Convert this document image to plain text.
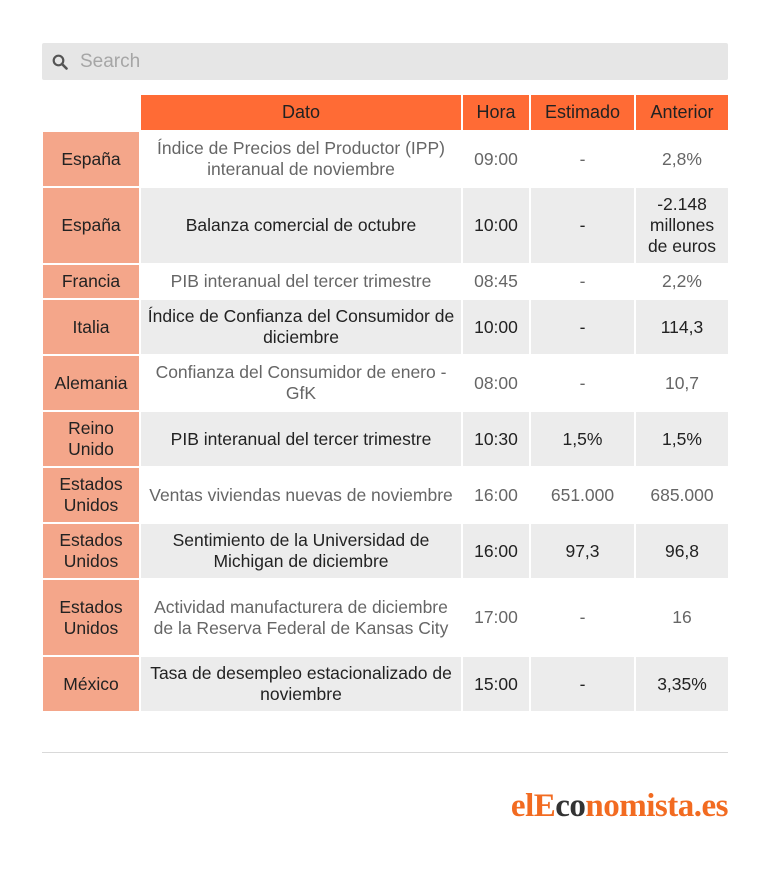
Search
	Dato	Hora	Estimado	Anterior
España	Índice de Precios del Productor (IPP) interanual de noviembre	09:00	-	2,8%
España	Balanza comercial de octubre	10:00	-	-2.148 millones de euros
Francia	PIB interanual del tercer trimestre	08:45	-	2,2%
Italia	Índice de Confianza del Consumidor de diciembre	10:00	-	114,3
Alemania	Confianza del Consumidor de enero - GfK	08:00	-	10,7
Reino Unido	PIB interanual del tercer trimestre	10:30	1,5%	1,5%
Estados Unidos	Ventas viviendas nuevas de noviembre	16:00	651.000	685.000
Estados Unidos	Sentimiento de la Universidad de Michigan de diciembre	16:00	97,3	96,8
Estados Unidos	Actividad manufacturera de diciembre de la Reserva Federal de Kansas City	17:00	-	16
México	Tasa de desempleo estacionalizado de noviembre	15:00	-	3,35%
elEconomista.es
